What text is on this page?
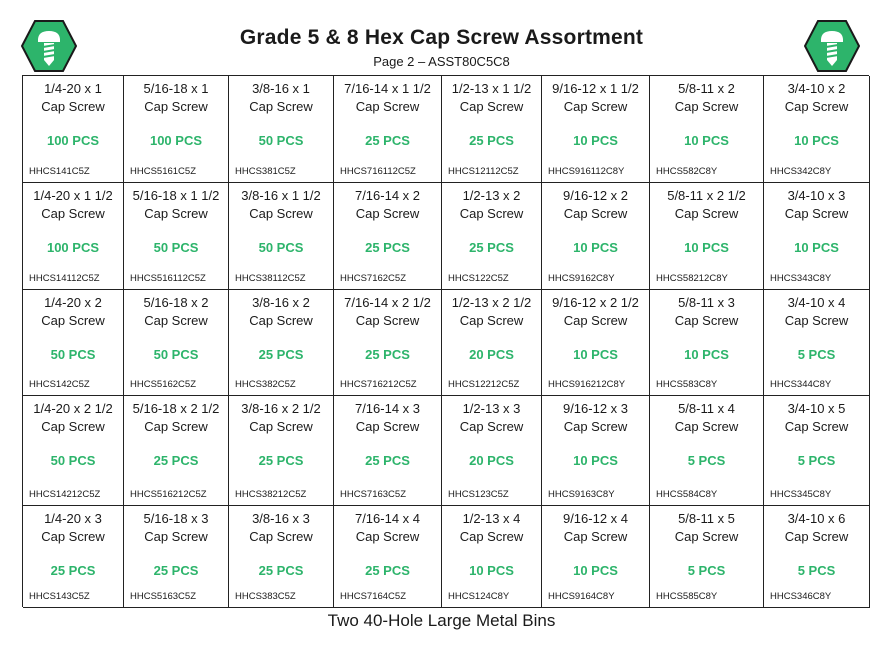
Grade 5 & 8 Hex Cap Screw Assortment
Page 2 – ASST80C5C8
1/4-20 x 1
Cap Screw
100 PCS
HHCS141C5Z
5/16-18 x 1
Cap Screw
100 PCS
HHCS5161C5Z
3/8-16 x 1
Cap Screw
50 PCS
HHCS381C5Z
7/16-14 x 1 1/2
Cap Screw
25 PCS
HHCS716112C5Z
1/2-13 x 1 1/2
Cap Screw
25 PCS
HHCS12112C5Z
9/16-12 x 1 1/2
Cap Screw
10 PCS
HHCS916112C8Y
5/8-11 x 2
Cap Screw
10 PCS
HHCS582C8Y
3/4-10 x 2
Cap Screw
10 PCS
HHCS342C8Y
1/4-20 x 1 1/2
Cap Screw
100 PCS
HHCS14112C5Z
5/16-18 x 1 1/2
Cap Screw
50 PCS
HHCS516112C5Z
3/8-16 x 1 1/2
Cap Screw
50 PCS
HHCS38112C5Z
7/16-14 x 2
Cap Screw
25 PCS
HHCS7162C5Z
1/2-13 x 2
Cap Screw
25 PCS
HHCS122C5Z
9/16-12 x 2
Cap Screw
10 PCS
HHCS9162C8Y
5/8-11 x 2 1/2
Cap Screw
10 PCS
HHCS58212C8Y
3/4-10 x 3
Cap Screw
10 PCS
HHCS343C8Y
1/4-20 x 2
Cap Screw
50 PCS
HHCS142C5Z
5/16-18 x 2
Cap Screw
50 PCS
HHCS5162C5Z
3/8-16 x 2
Cap Screw
25 PCS
HHCS382C5Z
7/16-14 x 2 1/2
Cap Screw
25 PCS
HHCS716212C5Z
1/2-13 x 2 1/2
Cap Screw
20 PCS
HHCS12212C5Z
9/16-12 x 2 1/2
Cap Screw
10 PCS
HHCS916212C8Y
5/8-11 x 3
Cap Screw
10 PCS
HHCS583C8Y
3/4-10 x 4
Cap Screw
5 PCS
HHCS344C8Y
1/4-20 x 2 1/2
Cap Screw
50 PCS
HHCS14212C5Z
5/16-18 x 2 1/2
Cap Screw
25 PCS
HHCS516212C5Z
3/8-16 x 2 1/2
Cap Screw
25 PCS
HHCS38212C5Z
7/16-14 x 3
Cap Screw
25 PCS
HHCS7163C5Z
1/2-13 x 3
Cap Screw
20 PCS
HHCS123C5Z
9/16-12 x 3
Cap Screw
10 PCS
HHCS9163C8Y
5/8-11 x 4
Cap Screw
5 PCS
HHCS584C8Y
3/4-10 x 5
Cap Screw
5 PCS
HHCS345C8Y
1/4-20 x 3
Cap Screw
25 PCS
HHCS143C5Z
5/16-18 x 3
Cap Screw
25 PCS
HHCS5163C5Z
3/8-16 x 3
Cap Screw
25 PCS
HHCS383C5Z
7/16-14 x 4
Cap Screw
25 PCS
HHCS7164C5Z
1/2-13 x 4
Cap Screw
10 PCS
HHCS124C8Y
9/16-12 x 4
Cap Screw
10 PCS
HHCS9164C8Y
5/8-11 x 5
Cap Screw
5 PCS
HHCS585C8Y
3/4-10 x 6
Cap Screw
5 PCS
HHCS346C8Y
Two 40-Hole Large Metal Bins
